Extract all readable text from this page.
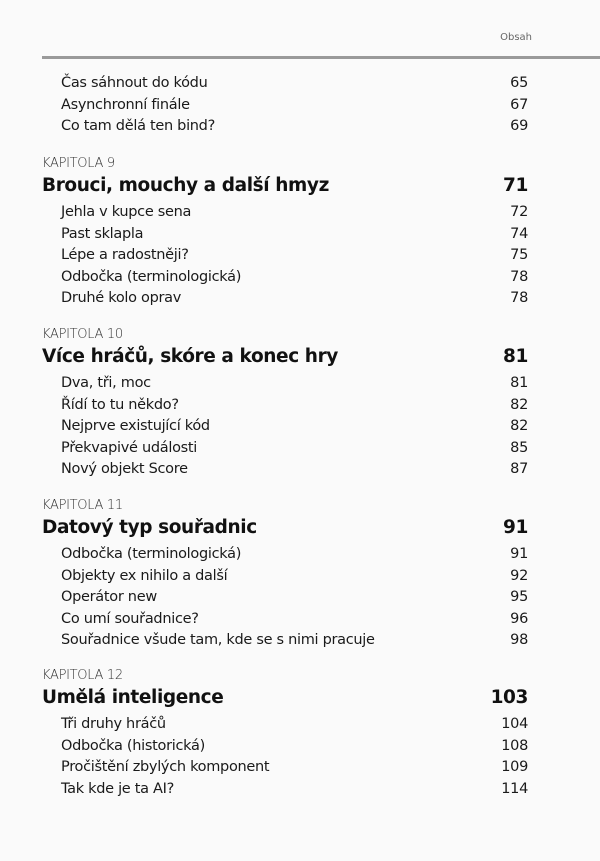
Obsah
Čas sáhnout do kódu	65
Asynchronní finále	67
Co tam dělá ten bind?	69
KAPITOLA 9
Brouci, mouchy a další hmyz	71
Jehla v kupce sena	72
Past sklapla	74
Lépe a radostněji?	75
Odbočka (terminologická)	78
Druhé kolo oprav	78
KAPITOLA 10
Více hráčů, skóre a konec hry	81
Dva, tři, moc	81
Řídí to tu někdo?	82
Nejprve existující kód	82
Překvapivé události	85
Nový objekt Score	87
KAPITOLA 11
Datový typ souřadnic	91
Odbočka (terminologická)	91
Objekty ex nihilo a další	92
Operátor new	95
Co umí souřadnice?	96
Souřadnice všude tam, kde se s nimi pracuje	98
KAPITOLA 12
Umělá inteligence	103
Tři druhy hráčů	104
Odbočka (historická)	108
Pročištění zbylých komponent	109
Tak kde je ta AI?	114
